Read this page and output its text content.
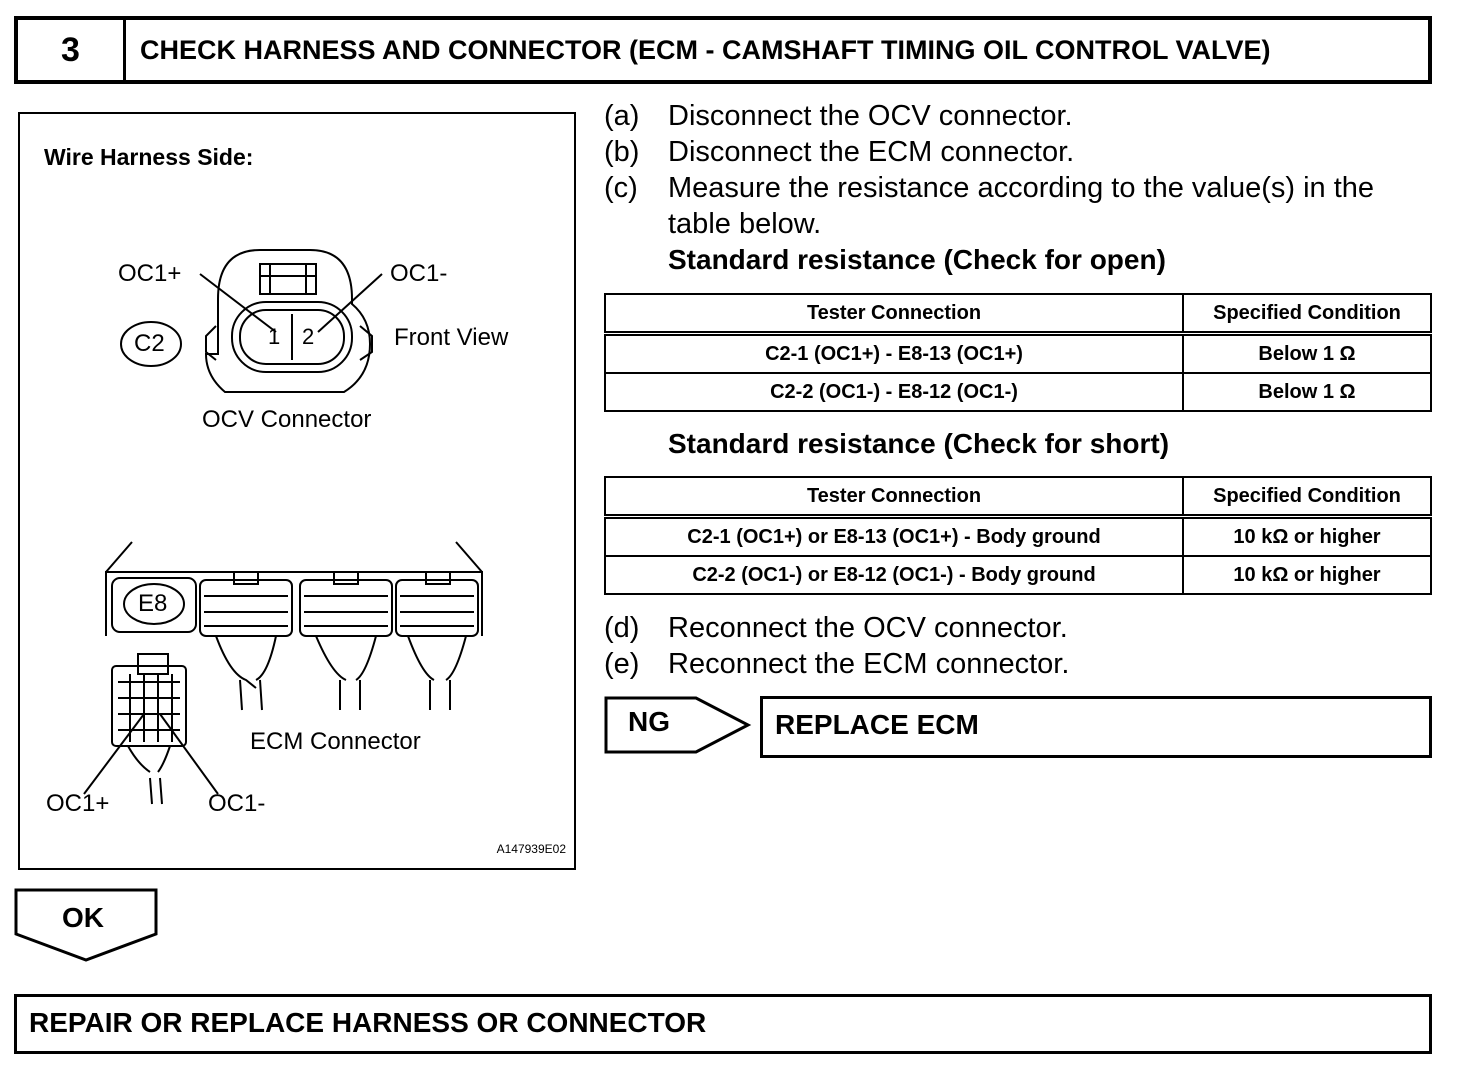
3	CHECK HARNESS AND CONNECTOR (ECM - CAMSHAFT TIMING OIL CONTROL VALVE)
Wire Harness Side:
OC1+	OC1-
C2	1 2	Front View
OCV Connector
E8
ECM Connector
OC1+	OC1-
A147939E02
(a) Disconnect the OCV connector.
(b) Disconnect the ECM connector.
(c) Measure the resistance according to the value(s) in the
table below.
Standard resistance (Check for open)
Tester Connection	Specified Condition
C2-1 (OC1+) - E8-13 (OC1+)	Below 1 Ω
C2-2 (OC1-) - E8-12 (OC1-)	Below 1 Ω
Standard resistance (Check for short)
Tester Connection	Specified Condition
C2-1 (OC1+) or E8-13 (OC1+) - Body ground	10 kΩ or higher
C2-2 (OC1-) or E8-12 (OC1-) - Body ground	10 kΩ or higher
(d) Reconnect the OCV connector.
(e) Reconnect the ECM connector.
NG	REPLACE ECM
OK
REPAIR OR REPLACE HARNESS OR CONNECTOR
